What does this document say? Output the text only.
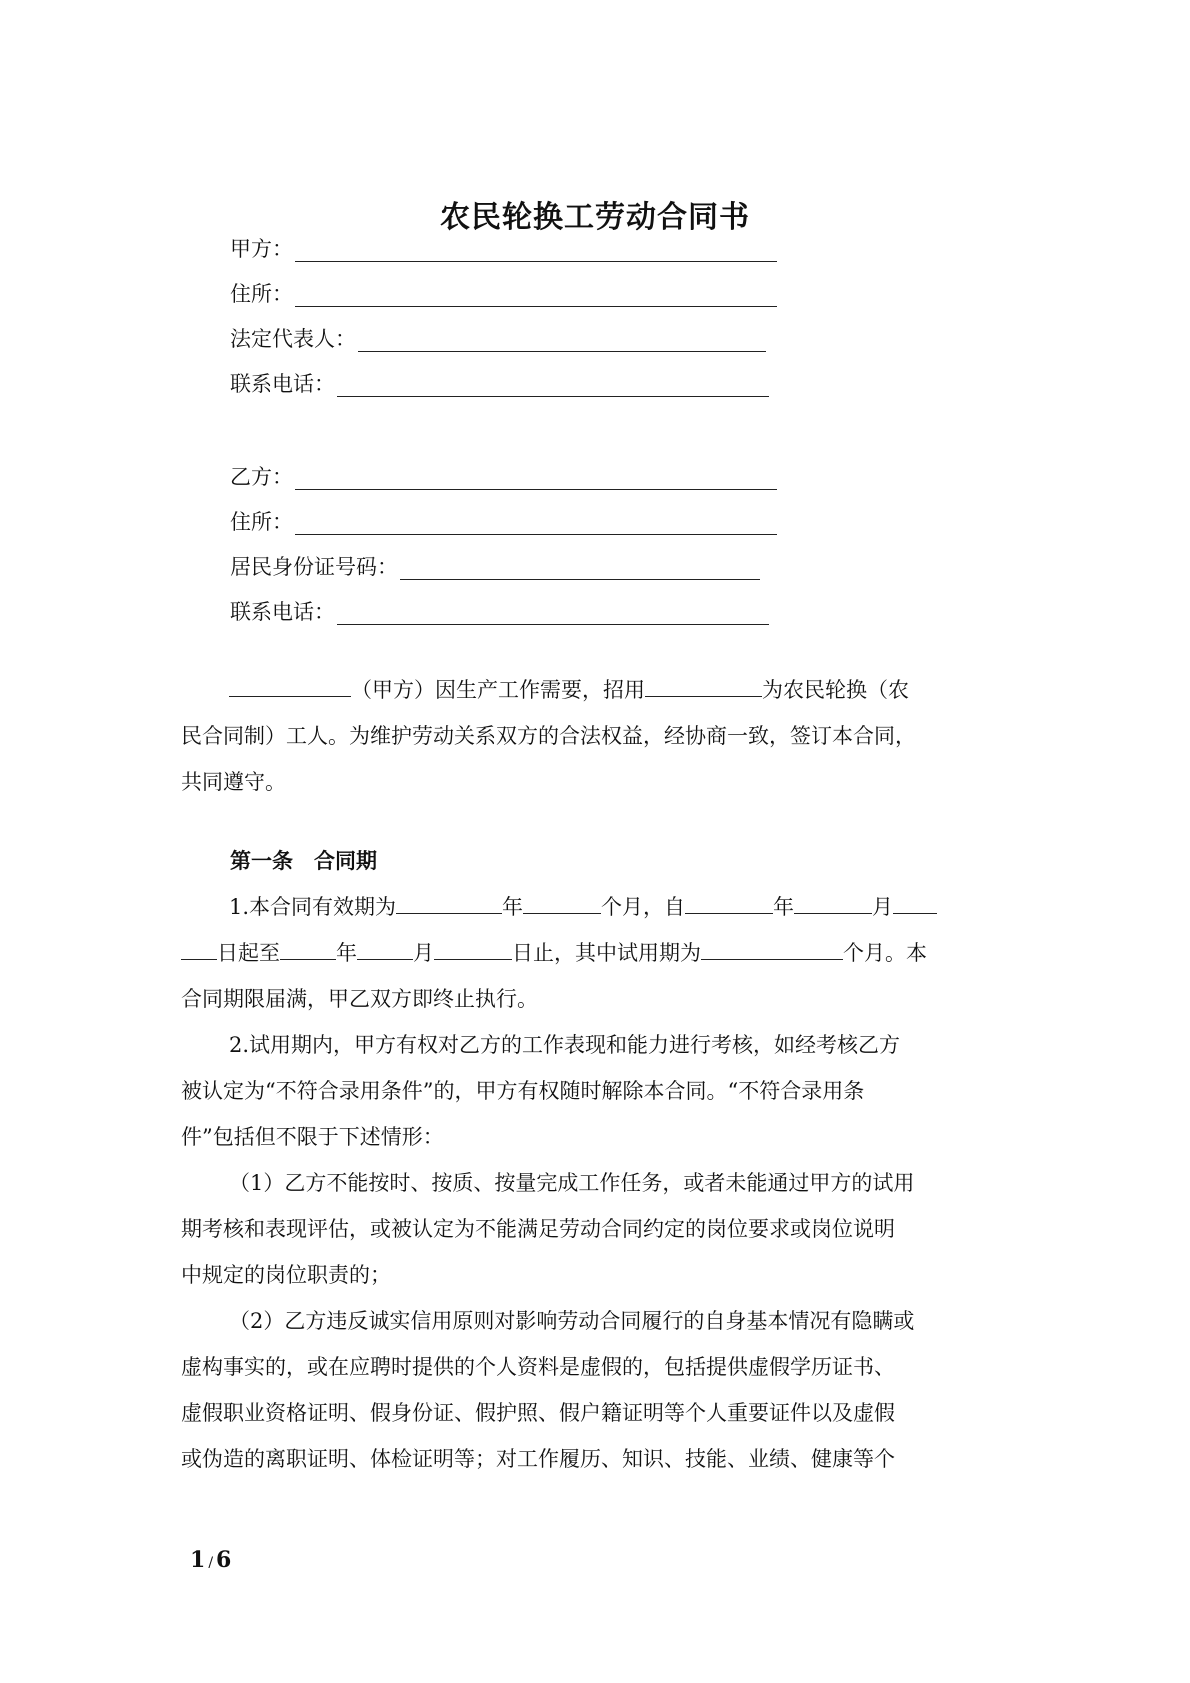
农民轮换工劳动合同书
甲方：
住所：
法定代表人：
联系电话：
乙方：
住所：
居民身份证号码：
联系电话：
（甲方）因生产工作需要，招用	为农民轮换（农
民合同制）工人。为维护劳动关系双方的合法权益，经协商一致，签订本合同，
共同遵守。
第一条　合同期
1.本合同有效期为	年	个月，自	年	月
日起至	年	月	日止，其中试用期为	个月。本
合同期限届满，甲乙双方即终止执行。
2.试用期内，甲方有权对乙方的工作表现和能力进行考核，如经考核乙方
被认定为“不符合录用条件”的，甲方有权随时解除本合同。“不符合录用条
件”包括但不限于下述情形：
（1）乙方不能按时、按质、按量完成工作任务，或者未能通过甲方的试用
期考核和表现评估，或被认定为不能满足劳动合同约定的岗位要求或岗位说明
中规定的岗位职责的；
（2）乙方违反诚实信用原则对影响劳动合同履行的自身基本情况有隐瞒或
虚构事实的，或在应聘时提供的个人资料是虚假的，包括提供虚假学历证书、
虚假职业资格证明、假身份证、假护照、假户籍证明等个人重要证件以及虚假
或伪造的离职证明、体检证明等；对工作履历、知识、技能、业绩、健康等个
1 / 6
